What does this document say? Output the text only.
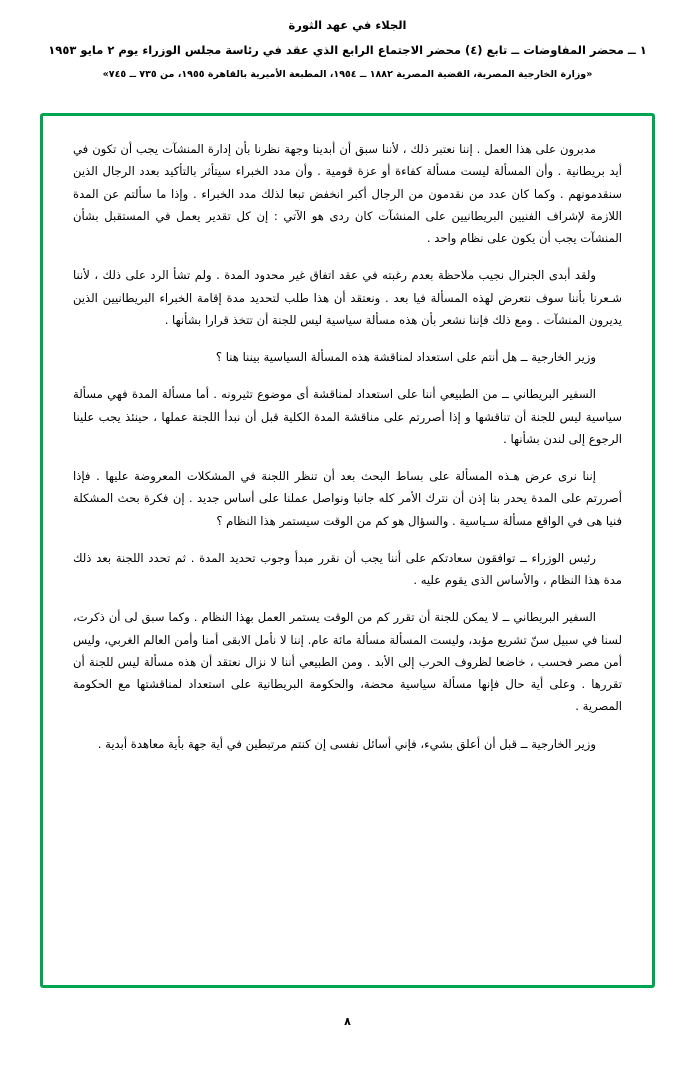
الجلاء في عهد الثورة
١ ــ محضر المفاوضات ــ تابع (٤) محضر الاجتماع الرابع الذي عقد في رئاسة مجلس الوزراء يوم ٢ مايو ١٩٥٣
«وزارة الخارجية المصرية، القضية المصرية ١٨٨٢ ــ ١٩٥٤، المطبعة الأميرية بالقاهرة ١٩٥٥، من ٧٣٥ ــ ٧٤٥»

مدبرون على هذا العمل . إننا نعتبر ذلك ، لأننا سبق أن أبدينا وجهة نظرنا بأن إدارة المنشآت يجب أن تكون في أيد بريطانية . وأن المسألة ليست مسألة كفاءة أو عزة قومية . وأن مدد الخبراء سيتأثر بالتأكيد بعدد الرجال الذين سنقدمونهم . وكما كان عدد من نقدمون من الرجال أكبر انخفض تبعا لذلك مدد الخبراء . وإذا ما سألتم عن المدة اللازمة لإشراف الفنيين البريطانيين على المنشآت كان ردى هو الآتي : إن كل تقدير يعمل في المستقبل بشأن المنشآت يجب أن يكون على نظام واحد .

ولقد أبدى الجنرال نجيب ملاحظة بعدم رغبته في عقد اتفاق غير محدود المدة . ولم تشأ الرد على ذلك ، لأننا شـعرنا بأننا سوف نتعرض لهذه المسألة فيا بعد . ونعتقد أن هذا طلب لتحديد مدة إقامة الخبراء البريطانيين الذين يديرون المنشآت . ومع ذلك فإننا نشعر بأن هذه مسألة سياسية ليس للجنة أن تتخذ قرارا بشأنها .

وزير الخارجية ــ هل أنتم على استعداد لمناقشة هذه المسألة السياسية بيننا هنا ؟

السفير البريطاني ــ من الطبيعي أننا على استعداد لمناقشة أى موضوع تثيرونه . أما مسألة المدة فهي مسألة سياسية ليس للجنة أن تناقشها و إذا أصررتم على مناقشة المدة الكلية قبل أن نبدأ اللجنة عملها ، حينئذ يجب علينا الرجوع إلى لندن بشأنها .

إننا نرى عرض هـذه المسألة على بساط البحث بعد أن تنظر اللجنة في المشكلات المعروضة عليها . فإذا أصررتم على المدة يحدر بنا إذن أن نترك الأمر كله جانبا ونواصل عملنا على أساس جديد . إن فكرة بحث المشكلة فنيا هى في الواقع مسألة سـياسية . والسؤال هو كم من الوقت سيستمر هذا النظام ؟

رئيس الوزراء ــ توافقون سعادتكم على أننا يجب أن نقرر مبدأ وجوب تحديد المدة . ثم تحدد اللجنة بعد ذلك مدة هذا النظام ، والأساس الذى يقوم عليه .

السفير البريطاني ــ لا يمكن للجنة أن تقرر كم من الوقت يستمر العمل بهذا النظام . وكما سبق لى أن ذكرت، لسنا في سبيل سنّ تشريع مؤبد، وليست المسألة مسألة مائة عام. إننا لا نأمل الابقى أمنا وأمن العالم الغربي، وليس أمن مصر فحسب ، خاضعا لظروف الحرب إلى الأبد . ومن الطبيعي أننا لا نزال نعتقد أن هذه مسألة ليس للجنة أن تقررها . وعلى أية حال فإنها مسألة سياسية محضة، والحكومة البريطانية على استعداد لمناقشتها مع الحكومة المصرية .

وزير الخارجية ــ قبل أن أعلق بشيء، فإني أسائل نفسى إن كنتم مرتبطين في أية جهة بأية معاهدة أبدية .

٨
